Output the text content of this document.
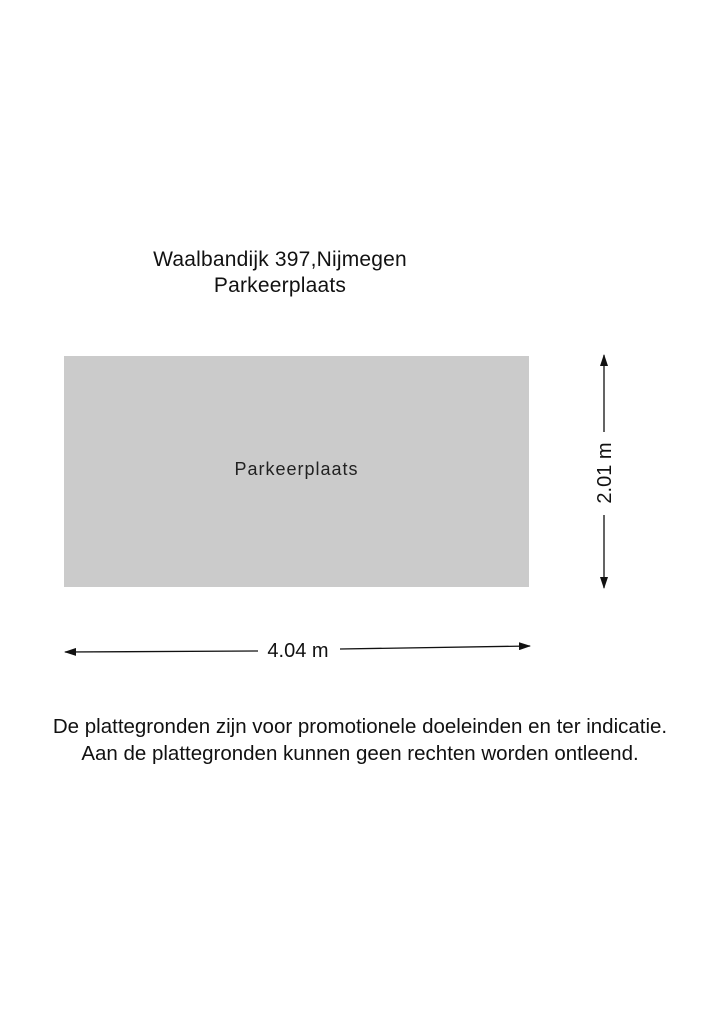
Waalbandijk 397,Nijmegen
Parkeerplaats
Parkeerplaats
4.04 m
2.01 m
De plattegronden zijn voor promotionele doeleinden en ter indicatie.
Aan de plattegronden kunnen geen rechten worden ontleend.
